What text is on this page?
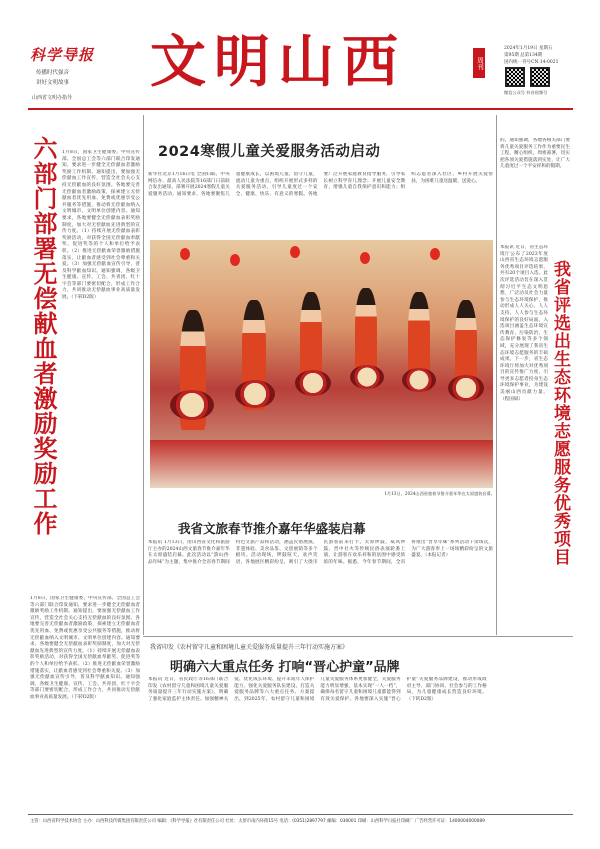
科学导报
传播时代强音
讲好文明故事
山西省文明办指导
文明山西	周刊
2024年1月19日 星期五
第95期 总第134期
国内统一刊号CN 14-0021
微信公众号 抖音视频号
六部门部署无偿献血者激励奖励工作 1月8日，国家卫生健康委、中央宣传部、全国总工会等六部门联合印发通知，要求进一步健全无偿献血者激励奖励工作机制。通知提出，要加强无偿献血工作宣传，营造全社会关心支持无偿献血的良好氛围。各地要完善无偿献血者激励政策，探索建立无偿献血者优先用血、免费或优惠享受公共服务等措施，推动将无偿献血纳入文明城市、文明单位创建内容。通知要求，各地要健全无偿献血表彰奖励制度，加大对无偿献血先进典型的宣传力度。（1）持续开展无偿献血表彰奖励活动，对获得全国无偿献血奉献奖、促进奖等的个人和单位给予表彰。（2）推进无偿献血荣誉激励措施落实，让献血者感受到社会尊重和关爱。（3）加强无偿献血宣传引导，普及科学献血知识。通知强调，各级卫生健康、宣传、工会、共青团、红十字会等部门要密切配合，形成工作合力，共同推动无偿献血事业高质量发展。（下转D2版）
1月8日，国家卫生健康委、中央宣传部、全国总工会等六部门联合印发通知，要求进一步健全无偿献血者激励奖励工作机制。通知提出，要加强无偿献血工作宣传，营造全社会关心支持无偿献血的良好氛围。各地要完善无偿献血者激励政策，探索建立无偿献血者优先用血、免费或优惠享受公共服务等措施，推动将无偿献血纳入文明城市、文明单位创建内容。通知要求，各地要健全无偿献血表彰奖励制度，加大对无偿献血先进典型的宣传力度。（1）持续开展无偿献血表彰奖励活动，对获得全国无偿献血奉献奖、促进奖等的个人和单位给予表彰。（2）推进无偿献血荣誉激励措施落实，让献血者感受到社会尊重和关爱。（3）加强无偿献血宣传引导，普及科学献血知识。通知强调，各级卫生健康、宣传、工会、共青团、红十字会等部门要密切配合，形成工作合力，共同推动无偿献血事业高质量发展。（下转D2版）
2024寒假儿童关爱服务活动启动
新华社北京1月16日电 全国妇联、中央网信办、最高人民法院等16部门日前联合发出通知，部署开展2024寒假儿童关爱服务活动。通知要求，各地要聚焦儿童健康成长，以困境儿童、留守儿童、流动儿童为重点，组织开展形式多样的关爱服务活动，引导儿童度过一个安全、健康、快乐、有意义的寒假。各地要广泛开展家庭教育指导服务，引导家长树立科学育儿理念；开展儿童安全教育，增强儿童自我保护意识和能力；组织志愿者深入社区、乡村开展关爱帮扶，为困难儿童送温暖、送爱心。
1月13日，2024山西省旅春节推介嘉年华在太原盛装启幕。
我省文旅春节推介嘉年华盛装启幕
本报讯 1月13日，由山西省文化和旅游厅主办的2024山西文旅春节推介嘉年华在太原盛装启幕。此次活动以“游山西·品年味”为主题，集中推介全省春节期间特色文旅产品和活动，涵盖民俗展演、非遗体验、美食品鉴、文创展销等多个板块。活动现场，锣鼓喧天、欢声笑语，各地展区精彩纷呈，吸引了大批市民游客前来打卡。太原锣鼓、威风锣鼓、晋中社火等传统民俗表演轮番上演，让游客在欢乐祥和的氛围中感受浓浓的年味。据悉，今年春节期间，全省将推出“晋享年味”系列活动千余场次，为广大游客奉上一场场精彩纷呈的文旅盛宴。（本报记者）
的。通知强调，各地各相关部门要将儿童关爱服务工作作为重要民生工程，精心组织，周密部署，切实把各项关爱措施落到实处，让广大儿童度过一个平安祥和的假期。
本报讯 近日，省生态环境厅公布了2023年度山西省生态环境志愿服务优秀项目评选结果，共有20个项目入选。此次评选活动旨在深入贯彻习近平生态文明思想，广泛动员社会力量参与生态环境保护，推动形成人人关心、人人支持、人人参与生态环境保护的良好局面。入选项目涵盖生态环境宣传教育、污染防治、生态保护修复等多个领域，充分展现了我省生态环境志愿服务的丰硕成果。下一步，省生态环境厅将加大对优秀项目的宣传推广力度，引导更多志愿者投身生态环境保护事业，为建设美丽山西贡献力量。（程国斌）	我省评选出生态环境志愿服务优秀项目
我省印发《农村留守儿童和困境儿童关爱服务质量提升三年行动实施方案》
明确六大重点任务 打响“晋心护童”品牌
本报讯 近日，省民政厅等16部门联合印发《农村留守儿童和困境儿童关爱服务质量提升三年行动实施方案》，明确了强化家庭监护主体责任、加强精神关爱、优化成长环境、提升未成年人保护能力、强化关爱服务队伍建设、打造关爱服务品牌等六大重点任务。方案提出，到2025年，农村留守儿童和困境儿童关爱服务体系更加健全，关爱服务能力明显增强，基本实现“一人一档”，确保每名留守儿童和困境儿童都能得到有效关爱保护。各地要深入实施“晋心护童”关爱服务品牌建设，推动形成政府主导、部门协同、社会参与的工作格局，为儿童健康成长营造良好环境。（下转D2版）
主管：山西省科学技术协会 主办：山西科技传媒集团有限责任公司 编辑：《科学导报》社有限责任公司 社址：太原市南内环街15号 电话：(0351)2897797 邮编：030001 印刷：山西科学日报社印刷厂 广告经营许可证：1400004000089
